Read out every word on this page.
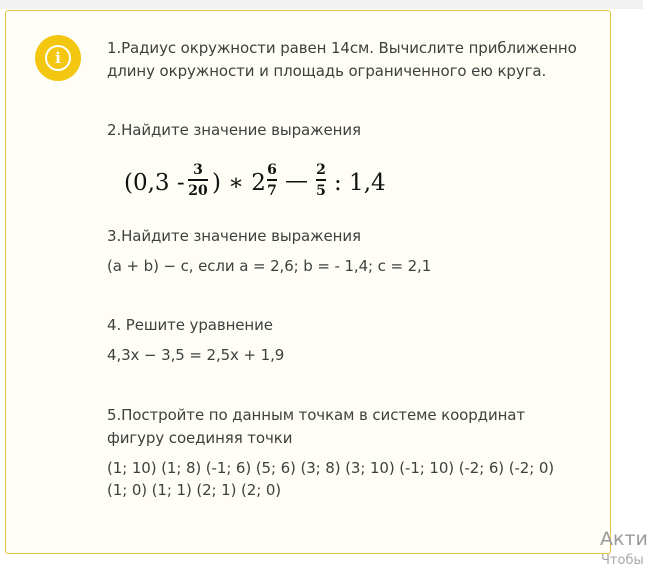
i
1.Радиус окружности равен 14см. Вычислите приближенно
длину окружности и площадь ограниченного ею круга.
2.Найдите значение выражения
3.Найдите значение выражения
(a + b) − c, если a = 2,6; b = - 1,4; c = 2,1
4. Решите уравнение
4,3x − 3,5 = 2,5x + 1,9
5.Постройте по данным точкам в системе координат
фигуру соединяя точки
(1; 10) (1; 8) (-1; 6) (5; 6) (3; 8) (3; 10) (-1; 10) (-2; 6) (-2; 0)
(1; 0) (1; 1) (2; 1) (2; 0)
(0,3 - 3
20 ) ∗ 2 6
7 — 2
5 : 1,4
Акти
Чтобы
